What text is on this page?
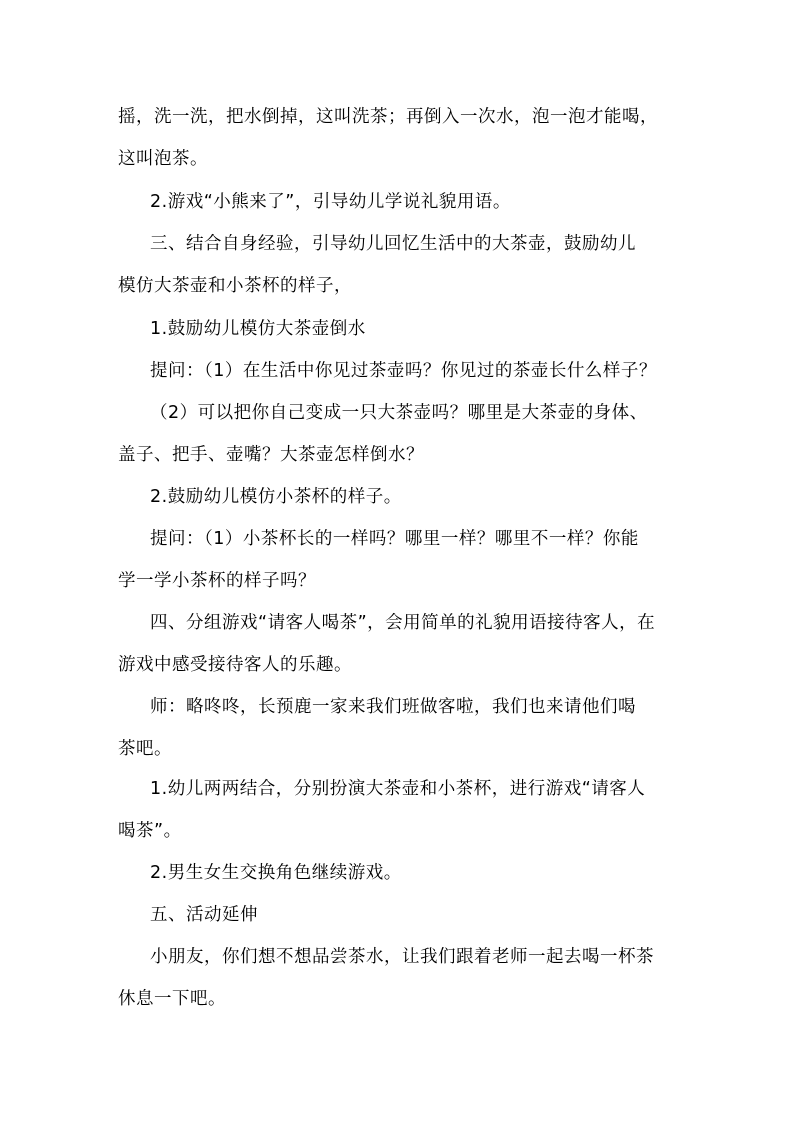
摇，洗一洗，把水倒掉，这叫洗茶；再倒入一次水，泡一泡才能喝，
这叫泡茶。
2.游戏“小熊来了”，引导幼儿学说礼貌用语。
三、结合自身经验，引导幼儿回忆生活中的大茶壶，鼓励幼儿
模仿大茶壶和小茶杯的样子，
1.鼓励幼儿模仿大茶壶倒水
提问：（1）在生活中你见过茶壶吗？你见过的茶壶长什么样子？
（2）可以把你自己变成一只大茶壶吗？哪里是大茶壶的身体、
盖子、把手、壶嘴？大茶壶怎样倒水？
2.鼓励幼儿模仿小茶杯的样子。
提问：（1）小茶杯长的一样吗？哪里一样？哪里不一样？你能
学一学小茶杯的样子吗？
四、分组游戏“请客人喝茶”，会用简单的礼貌用语接待客人，在
游戏中感受接待客人的乐趣。
师：略咚咚，长预鹿一家来我们班做客啦，我们也来请他们喝
茶吧。
1.幼儿两两结合，分别扮演大茶壶和小茶杯，进行游戏“请客人
喝茶”。
2.男生女生交换角色继续游戏。
五、活动延伸
小朋友，你们想不想品尝茶水，让我们跟着老师一起去喝一杯茶
休息一下吧。
